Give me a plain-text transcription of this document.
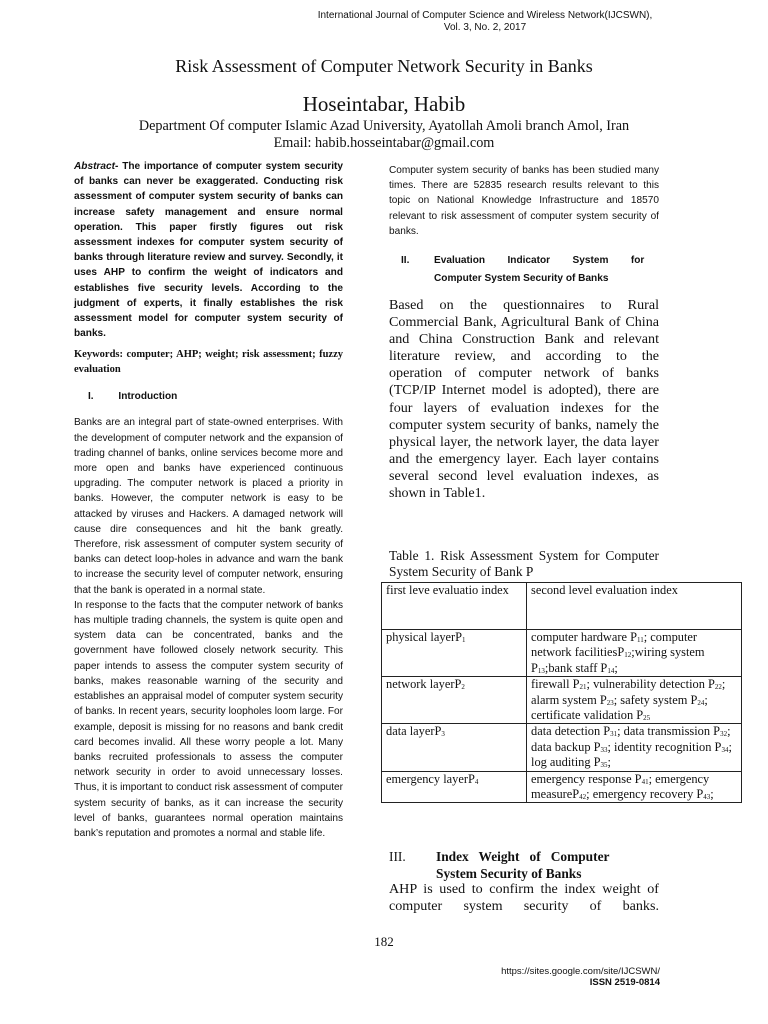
International Journal of Computer Science and Wireless Network(IJCSWN),
Vol. 3, No. 2, 2017
Risk Assessment of Computer Network Security in Banks
Hoseintabar, Habib
Department Of computer Islamic Azad University, Ayatollah Amoli branch Amol, Iran
Email: habib.hosseintabar@gmail.com
Abstract- The importance of computer system security of banks can never be exaggerated. Conducting risk assessment of computer system security of banks can increase safety management and ensure normal operation. This paper firstly figures out risk assessment indexes for computer system security of banks through literature review and survey. Secondly, it uses AHP to confirm the weight of indicators and establishes five security levels. According to the judgment of experts, it finally establishes the risk assessment model for computer system security of banks.
Keywords: computer; AHP; weight; risk assessment; fuzzy evaluation
I. Introduction
Banks are an integral part of state-owned enterprises. With the development of computer network and the expansion of trading channel of banks, online services become more and more open and banks have experienced continuous upgrading. The computer network is placed a priority in banks. However, the computer network is easy to be attacked by viruses and Hackers. A damaged network will cause dire consequences and hit the bank greatly. Therefore, risk assessment of computer system security of banks can detect loop-holes in advance and warn the bank to increase the security level of computer network, ensuring that the bank is operated in a normal state.
In response to the facts that the computer network of banks has multiple trading channels, the system is quite open and system data can be concentrated, banks and the government have followed closely network security. This paper intends to assess the computer system security of banks, makes reasonable warning of the security and establishes an appraisal model of computer system security of banks. In recent years, security loopholes loom large. For example, deposit is missing for no reasons and bank credit card becomes invalid. All these worry people a lot. Many banks recruited professionals to assess the computer network security in order to avoid unnecessary losses. Thus, it is important to conduct risk assessment of computer system security of banks, as it can increase the security level of banks, guarantees normal operation maintains bank’s reputation and promotes a normal and stable life.
Computer system security of banks has been studied many times. There are 52835 research results relevant to this topic on National Knowledge Infrastructure and 18570 relevant to risk assessment of computer system security of banks.
II.	Evaluation        Indicator        System        for
Computer System Security of Banks
Based on the questionnaires to Rural Commercial Bank, Agricultural Bank of China and China Construction Bank and relevant literature review, and according to the operation of computer network of banks (TCP/IP Internet model is adopted), there are four layers of evaluation indexes for the computer system security of banks, namely the physical layer, the network layer, the data layer and the emergency layer. Each layer contains several second level evaluation indexes, as shown in Table1.
Table 1. Risk Assessment System for Computer System Security of Bank P
first leve evaluatio index	second level evaluation index
physical layerP$_1$	computer hardware $P_{11}$; computer network facilitiesP$_{12}$;wiring system $P_{13};bank$ staff $P_{14}$;
network layerP$_2$	firewall $P_{21}$; vulnerability detection $P_{22}$; alarm system $P_{23}$; safety system $P_{24}$; certificate validation $P_{25}$
data layerP$_3$	data detection $P_{31}$; data transmission $P_{32}$; data backup $P_{33}$; identity recognition $P_{34}$; log auditing $P_{35}$;
emergency layerP$_4$	emergency response $P_{41}$; emergency measureP$_{42}$; emergency recovery $P_{43}$;
III.	Index   Weight   of   Computer
System Security of Banks
AHP is used to confirm the index weight of computer system security of banks.
182
https://sites.google.com/site/IJCSWN/
ISSN 2519-0814
